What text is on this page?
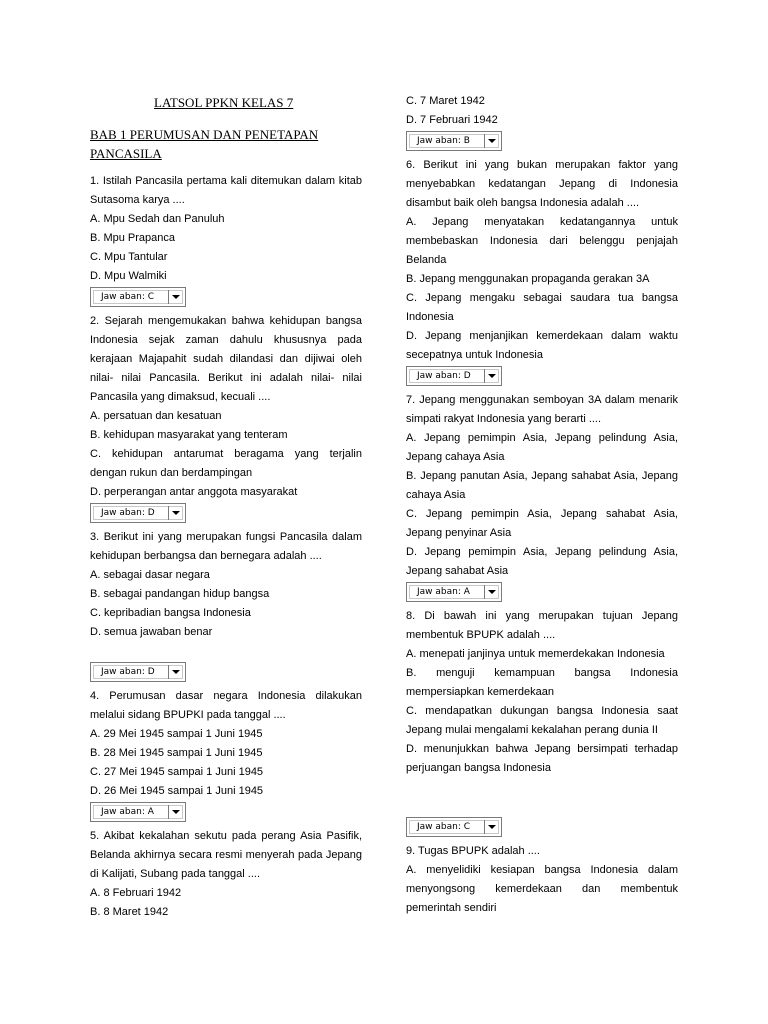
LATSOL PPKN KELAS 7
BAB 1 PERUMUSAN DAN PENETAPAN PANCASILA
1. Istilah Pancasila pertama kali ditemukan dalam kitab Sutasoma karya ....
A. Mpu Sedah dan Panuluh
B. Mpu Prapanca
C. Mpu Tantular
D. Mpu Walmiki
Jaw aban: C
2. Sejarah mengemukakan bahwa kehidupan bangsa Indonesia sejak zaman dahulu khususnya pada kerajaan Majapahit sudah dilandasi dan dijiwai oleh nilai- nilai Pancasila. Berikut ini adalah nilai- nilai Pancasila yang dimaksud, kecuali ....
A. persatuan dan kesatuan
B. kehidupan masyarakat yang tenteram
C. kehidupan antarumat beragama yang terjalin dengan rukun dan berdampingan
D. perperangan antar anggota masyarakat
Jaw aban: D
3. Berikut ini yang merupakan fungsi Pancasila dalam kehidupan berbangsa dan bernegara adalah ....
A. sebagai dasar negara
B. sebagai pandangan hidup bangsa
C. kepribadian bangsa Indonesia
D. semua jawaban benar
Jaw aban: D
4. Perumusan dasar negara Indonesia dilakukan melalui sidang BPUPKI pada tanggal ....
A. 29 Mei 1945 sampai 1 Juni 1945
B. 28 Mei 1945 sampai 1 Juni 1945
C. 27 Mei 1945 sampai 1 Juni 1945
D. 26 Mei 1945 sampai 1 Juni 1945
Jaw aban: A
5. Akibat kekalahan sekutu pada perang Asia Pasifik, Belanda akhirnya secara resmi menyerah pada Jepang di Kalijati, Subang pada tanggal ....
A. 8 Februari 1942
B. 8 Maret 1942
C. 7 Maret 1942
D. 7 Februari 1942
Jaw aban: B
6. Berikut ini yang bukan merupakan faktor yang menyebabkan kedatangan Jepang di Indonesia disambut baik oleh bangsa Indonesia adalah ....
A. Jepang menyatakan kedatangannya untuk membebaskan Indonesia dari belenggu penjajah Belanda
B. Jepang menggunakan propaganda gerakan 3A
C. Jepang mengaku sebagai saudara tua bangsa Indonesia
D. Jepang menjanjikan kemerdekaan dalam waktu secepatnya untuk Indonesia
Jaw aban: D
7. Jepang menggunakan semboyan 3A dalam menarik simpati rakyat Indonesia yang berarti ....
A. Jepang pemimpin Asia, Jepang pelindung Asia, Jepang cahaya Asia
B. Jepang panutan Asia, Jepang sahabat Asia, Jepang cahaya Asia
C. Jepang pemimpin Asia, Jepang sahabat Asia, Jepang penyinar Asia
D. Jepang pemimpin Asia, Jepang pelindung Asia, Jepang sahabat Asia
Jaw aban: A
8. Di bawah ini yang merupakan tujuan Jepang membentuk BPUPK adalah ....
A. menepati janjinya untuk memerdekakan Indonesia
B. menguji kemampuan bangsa Indonesia mempersiapkan kemerdekaan
C. mendapatkan dukungan bangsa Indonesia saat Jepang mulai mengalami kekalahan perang dunia II
D. menunjukkan bahwa Jepang bersimpati terhadap perjuangan bangsa Indonesia
Jaw aban: C
9. Tugas BPUPK adalah ....
A. menyelidiki kesiapan bangsa Indonesia dalam menyongsong kemerdekaan dan membentuk pemerintah sendiri
